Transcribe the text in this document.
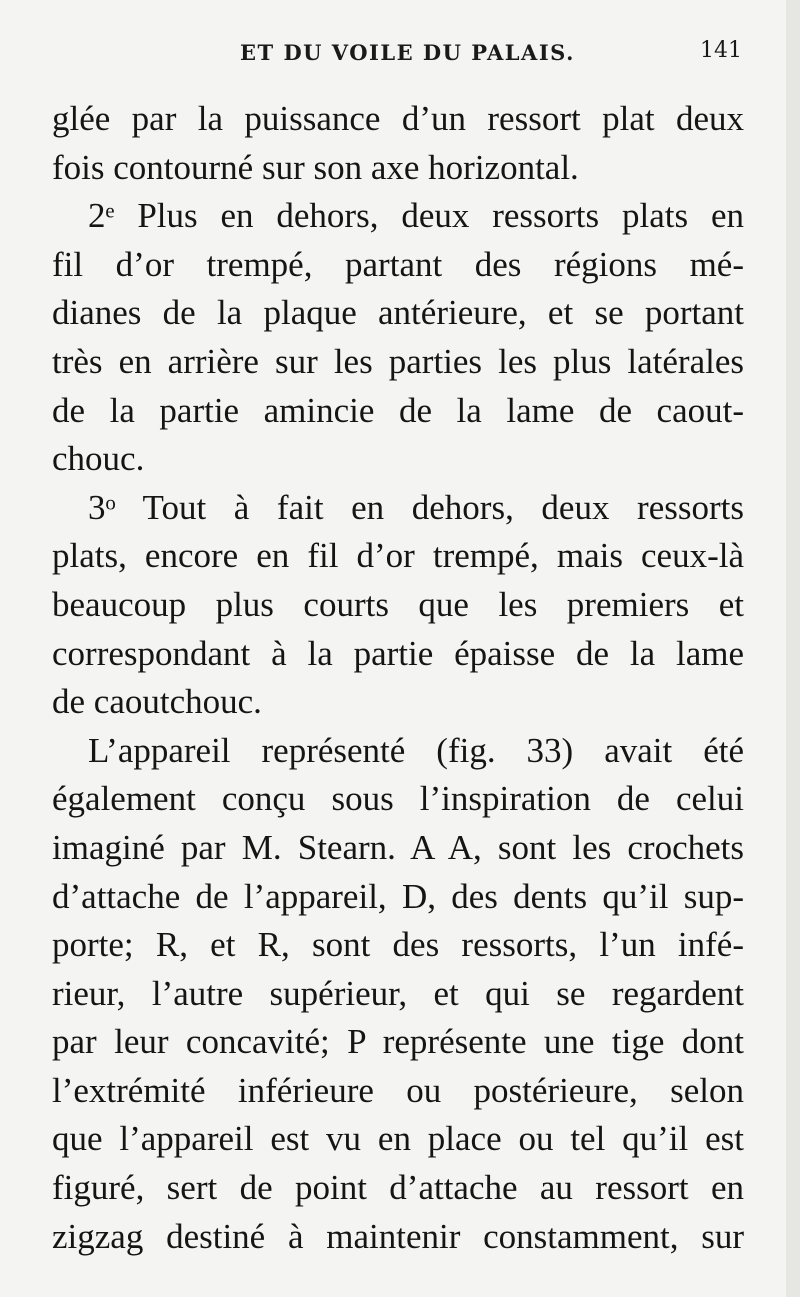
ET DU VOILE DU PALAIS.	141
glée par la puissance d’un ressort plat deux
fois contourné sur son axe horizontal.
2ᵉ Plus en dehors, deux ressorts plats en
fil d’or trempé, partant des régions mé-
dianes de la plaque antérieure, et se portant
très en arrière sur les parties les plus latérales
de la partie amincie de la lame de caout-
chouc.
3ᵒ Tout à fait en dehors, deux ressorts
plats, encore en fil d’or trempé, mais ceux-là
beaucoup plus courts que les premiers et
correspondant à la partie épaisse de la lame
de caoutchouc.
L’appareil représenté (fig. 33) avait été
également conçu sous l’inspiration de celui
imaginé par M. Stearn. A A, sont les crochets
d’attache de l’appareil, D, des dents qu’il sup-
porte; R, et R, sont des ressorts, l’un infé-
rieur, l’autre supérieur, et qui se regardent
par leur concavité; P représente une tige dont
l’extrémité inférieure ou postérieure, selon
que l’appareil est vu en place ou tel qu’il est
figuré, sert de point d’attache au ressort en
zigzag destiné à maintenir constamment, sur
